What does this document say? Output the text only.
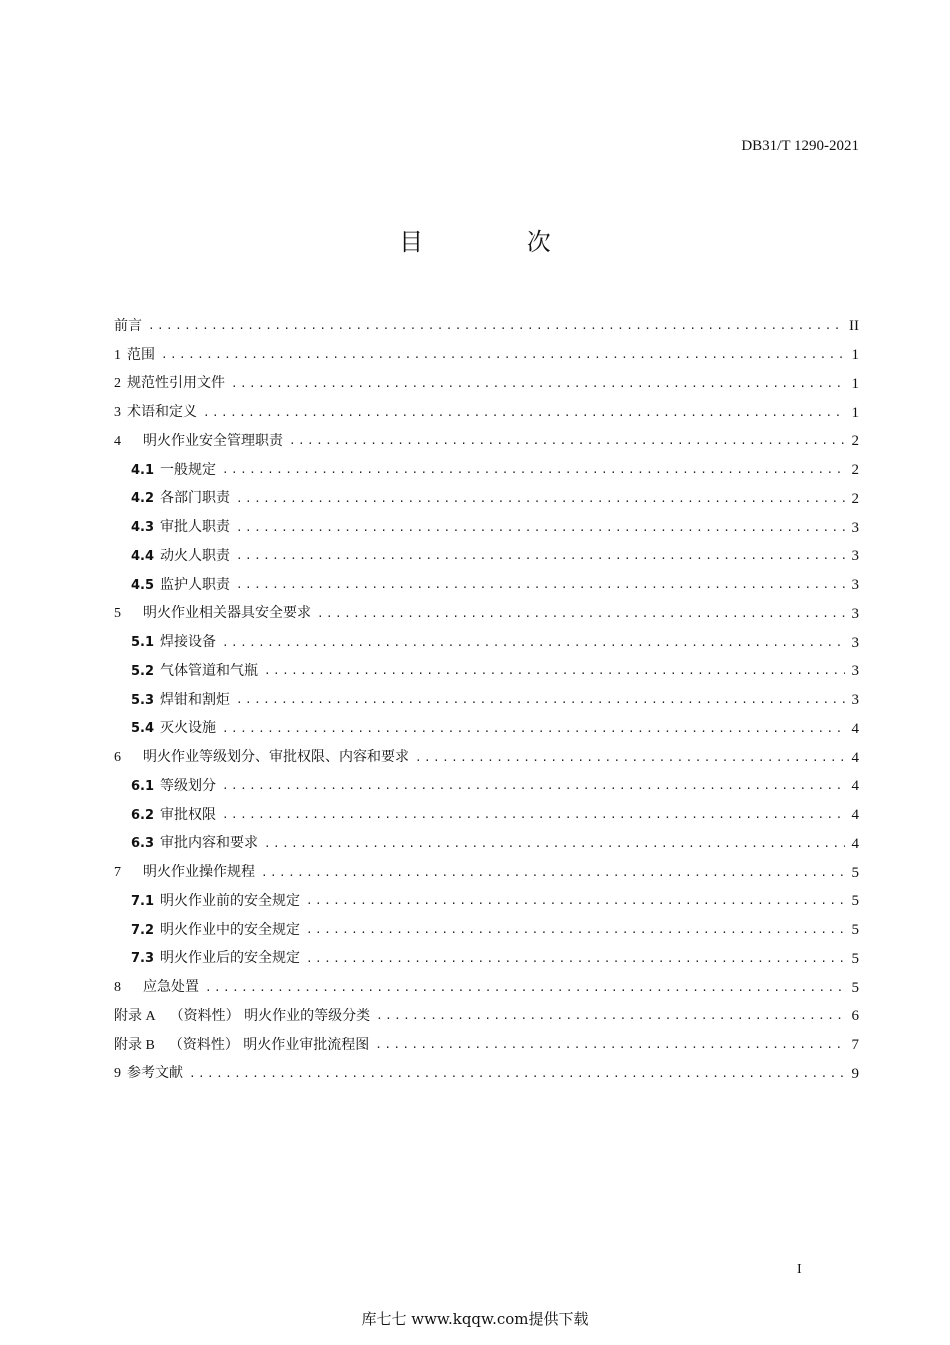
DB31/T 1290-2021
目 次
前言 .....	II
1 范围 .....	1
2 规范性引用文件 .....	1
3 术语和定义 .....	1
4 明火作业安全管理职责 .....	2
4.1 一般规定 .....	2
4.2 各部门职责 .....	2
4.3 审批人职责 .....	3
4.4 动火人职责 .....	3
4.5 监护人职责 .....	3
5 明火作业相关器具安全要求 .....	3
5.1 焊接设备 .....	3
5.2 气体管道和气瓶 .....	3
5.3 焊钳和割炬 .....	3
5.4 灭火设施 .....	4
6 明火作业等级划分、审批权限、内容和要求 .....	4
6.1 等级划分 .....	4
6.2 审批权限 .....	4
6.3 审批内容和要求 .....	4
7 明火作业操作规程 .....	5
7.1 明火作业前的安全规定 .....	5
7.2 明火作业中的安全规定 .....	5
7.3 明火作业后的安全规定 .....	5
8 应急处置 .....	5
附录 A （资料性） 明火作业的等级分类 .....	6
附录 B （资料性） 明火作业审批流程图 .....	7
9 参考文献 .....	9
I
库七七 www.kqqw.com提供下载
